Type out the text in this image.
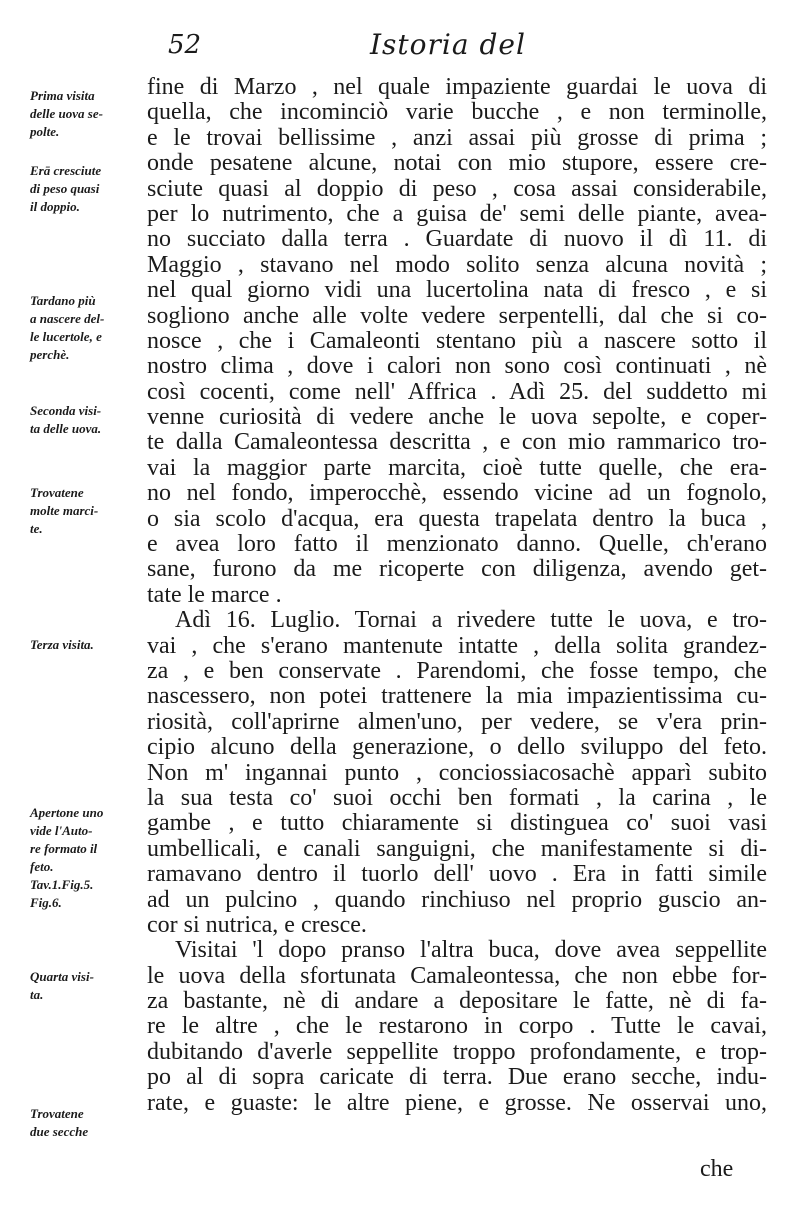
52	Istoria del
Prima visita
delle uova se-
polte.
Erā cresciute
di peso quasi
il doppio.
Tardano più
a nascere del-
le lucertole, e
perchè.
Seconda visi-
ta delle uova.
Trovatene
molte marci-
te.
Terza visita.
Apertone uno
vide l'Auto-
re formato il
feto.
Tav.1.Fig.5.
Fig.6.
Quarta visi-
ta.
Trovatene
due secche
fine di Marzo , nel quale impaziente guardai le uova di
quella, che incominciò varie bucche , e non terminolle,
e le trovai bellissime , anzi assai più grosse di prima ;
onde pesatene alcune, notai con mio stupore, essere cre-
sciute quasi al doppio di peso , cosa assai considerabile,
per lo nutrimento, che a guisa de' semi delle piante, avea-
no succiato dalla terra . Guardate di nuovo il dì 11. di
Maggio , stavano nel modo solito senza alcuna novità ;
nel qual giorno vidi una lucertolina nata di fresco , e si
sogliono anche alle volte vedere serpentelli, dal che si co-
nosce , che i Camaleonti stentano più a nascere sotto il
nostro clima , dove i calori non sono così continuati , nè
così cocenti, come nell' Affrica . Adì 25. del suddetto mi
venne curiosità di vedere anche le uova sepolte, e coper-
te dalla Camaleontessa descritta , e con mio rammarico tro-
vai la maggior parte marcita, cioè tutte quelle, che era-
no nel fondo, imperocchè, essendo vicine ad un fognolo,
o sia scolo d'acqua, era questa trapelata dentro la buca ,
e avea loro fatto il menzionato danno. Quelle, ch'erano
sane, furono da me ricoperte con diligenza, avendo get-
tate le marce .
Adì 16. Luglio. Tornai a rivedere tutte le uova, e tro-
vai , che s'erano mantenute intatte , della solita grandez-
za , e ben conservate . Parendomi, che fosse tempo, che
nascessero, non potei trattenere la mia impazientissima cu-
riosità, coll'aprirne almen'uno, per vedere, se v'era prin-
cipio alcuno della generazione, o dello sviluppo del feto.
Non m' ingannai punto , conciossiacosachè apparì subito
la sua testa co' suoi occhi ben formati , la carina , le
gambe , e tutto chiaramente si distinguea co' suoi vasi
umbellicali, e canali sanguigni, che manifestamente si di-
ramavano dentro il tuorlo dell' uovo . Era in fatti simile
ad un pulcino , quando rinchiuso nel proprio guscio an-
cor si nutrica, e cresce.
Visitai 'l dopo pranso l'altra buca, dove avea seppellite
le uova della sfortunata Camaleontessa, che non ebbe for-
za bastante, nè di andare a depositare le fatte, nè di fa-
re le altre , che le restarono in corpo . Tutte le cavai,
dubitando d'averle seppellite troppo profondamente, e trop-
po al di sopra caricate di terra. Due erano secche, indu-
rate, e guaste: le altre piene, e grosse. Ne osservai uno,
che
